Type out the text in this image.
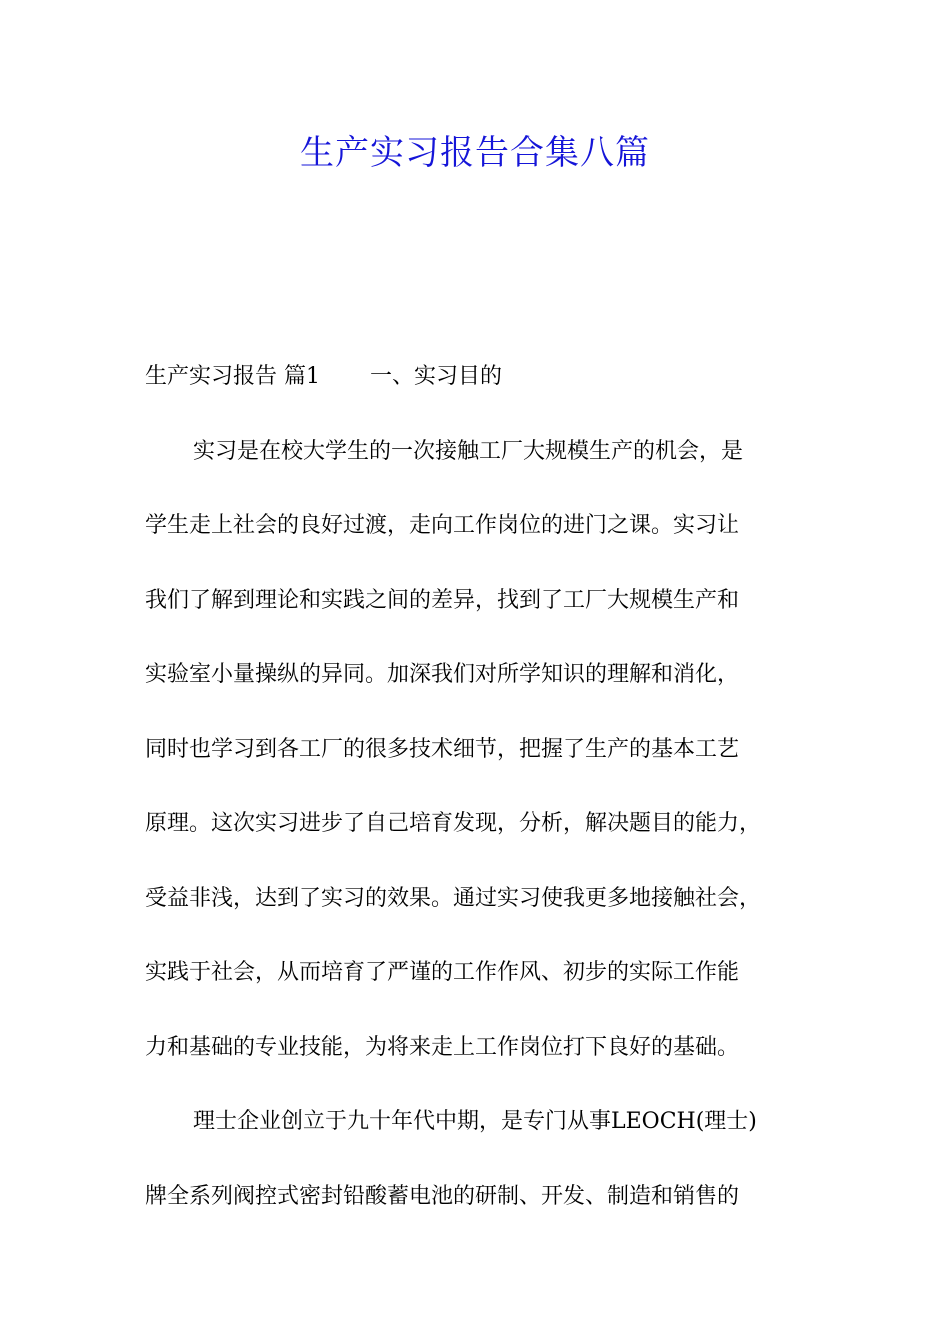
生产实习报告合集八篇
生产实习报告 篇1 一、实习目的
实习是在校大学生的一次接触工厂大规模生产的机会，是
学生走上社会的良好过渡，走向工作岗位的进门之课。实习让
我们了解到理论和实践之间的差异，找到了工厂大规模生产和
实验室小量操纵的异同。加深我们对所学知识的理解和消化，
同时也学习到各工厂的很多技术细节，把握了生产的基本工艺
原理。这次实习进步了自己培育发现，分析，解决题目的能力，
受益非浅，达到了实习的效果。通过实习使我更多地接触社会，
实践于社会，从而培育了严谨的工作作风、初步的实际工作能
力和基础的专业技能，为将来走上工作岗位打下良好的基础。
理士企业创立于九十年代中期，是专门从事LEOCH(理士)
牌全系列阀控式密封铅酸蓄电池的研制、开发、制造和销售的
